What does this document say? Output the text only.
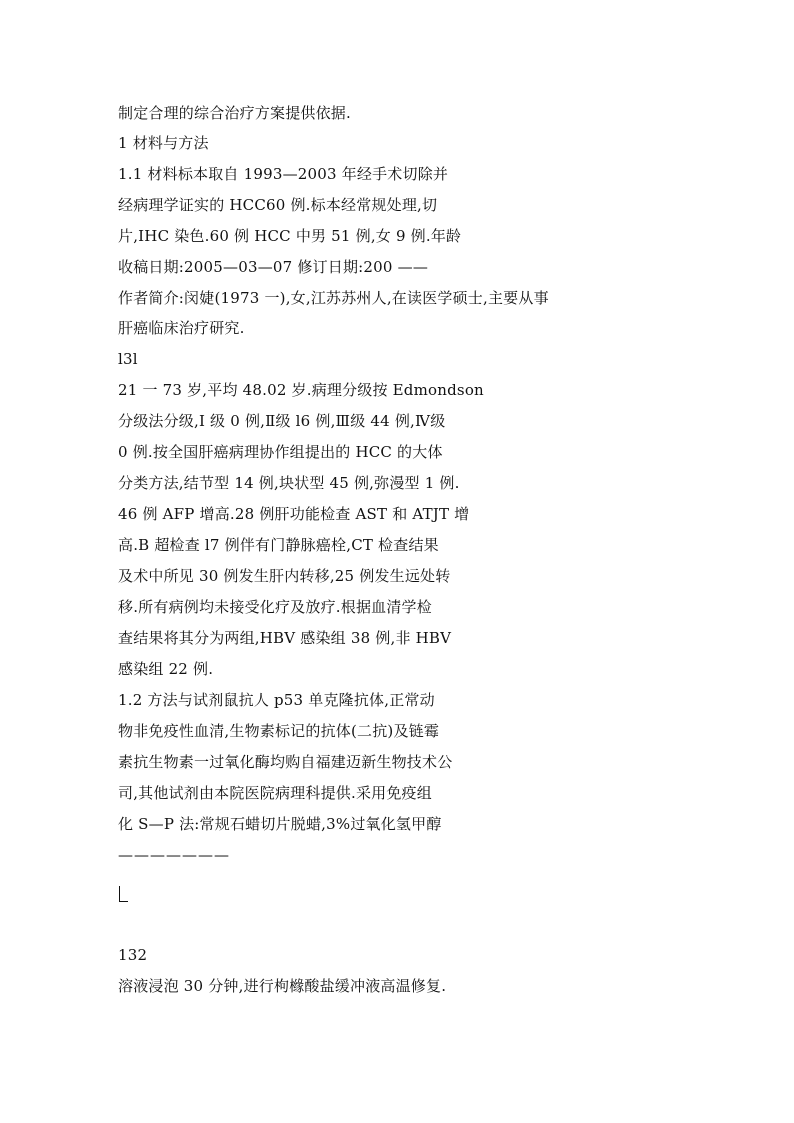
制定合理的综合治疗方案提供依据.
1 材料与方法
1.1 材料标本取自 1993—2003 年经手术切除并
经病理学证实的 HCC60 例.标本经常规处理,切
片,IHC 染色.60 例 HCC 中男 51 例,女 9 例.年龄
收稿日期:2005—03—07 修订日期:200 ——
作者简介:闵婕(1973 一),女,江苏苏州人,在读医学硕士,主要从事
肝癌临床治疗研究.
l3l
21 一 73 岁,平均 48.02 岁.病理分级按 Edmondson
分级法分级,I 级 0 例,Ⅱ级 l6 例,Ⅲ级 44 例,Ⅳ级
0 例.按全国肝癌病理协作组提出的 HCC 的大体
分类方法,结节型 14 例,块状型 45 例,弥漫型 1 例.
46 例 AFP 增高.28 例肝功能检查 AST 和 ATJT 增
高.B 超检查 l7 例伴有门静脉癌栓,CT 检查结果
及术中所见 30 例发生肝内转移,25 例发生远处转
移.所有病例均未接受化疗及放疗.根据血清学检
查结果将其分为两组,HBV 感染组 38 例,非 HBV
感染组 22 例.
1.2 方法与试剂鼠抗人 p53 单克隆抗体,正常动
物非免疫性血清,生物素标记的抗体(二抗)及链霉
素抗生物素一过氧化酶均购自福建迈新生物技术公
司,其他试剂由本院医院病理科提供.采用免疫组
化 S—P 法:常规石蜡切片脱蜡,3%过氧化氢甲醇
———————
132
溶液浸泡 30 分钟,进行枸橼酸盐缓冲液高温修复.
